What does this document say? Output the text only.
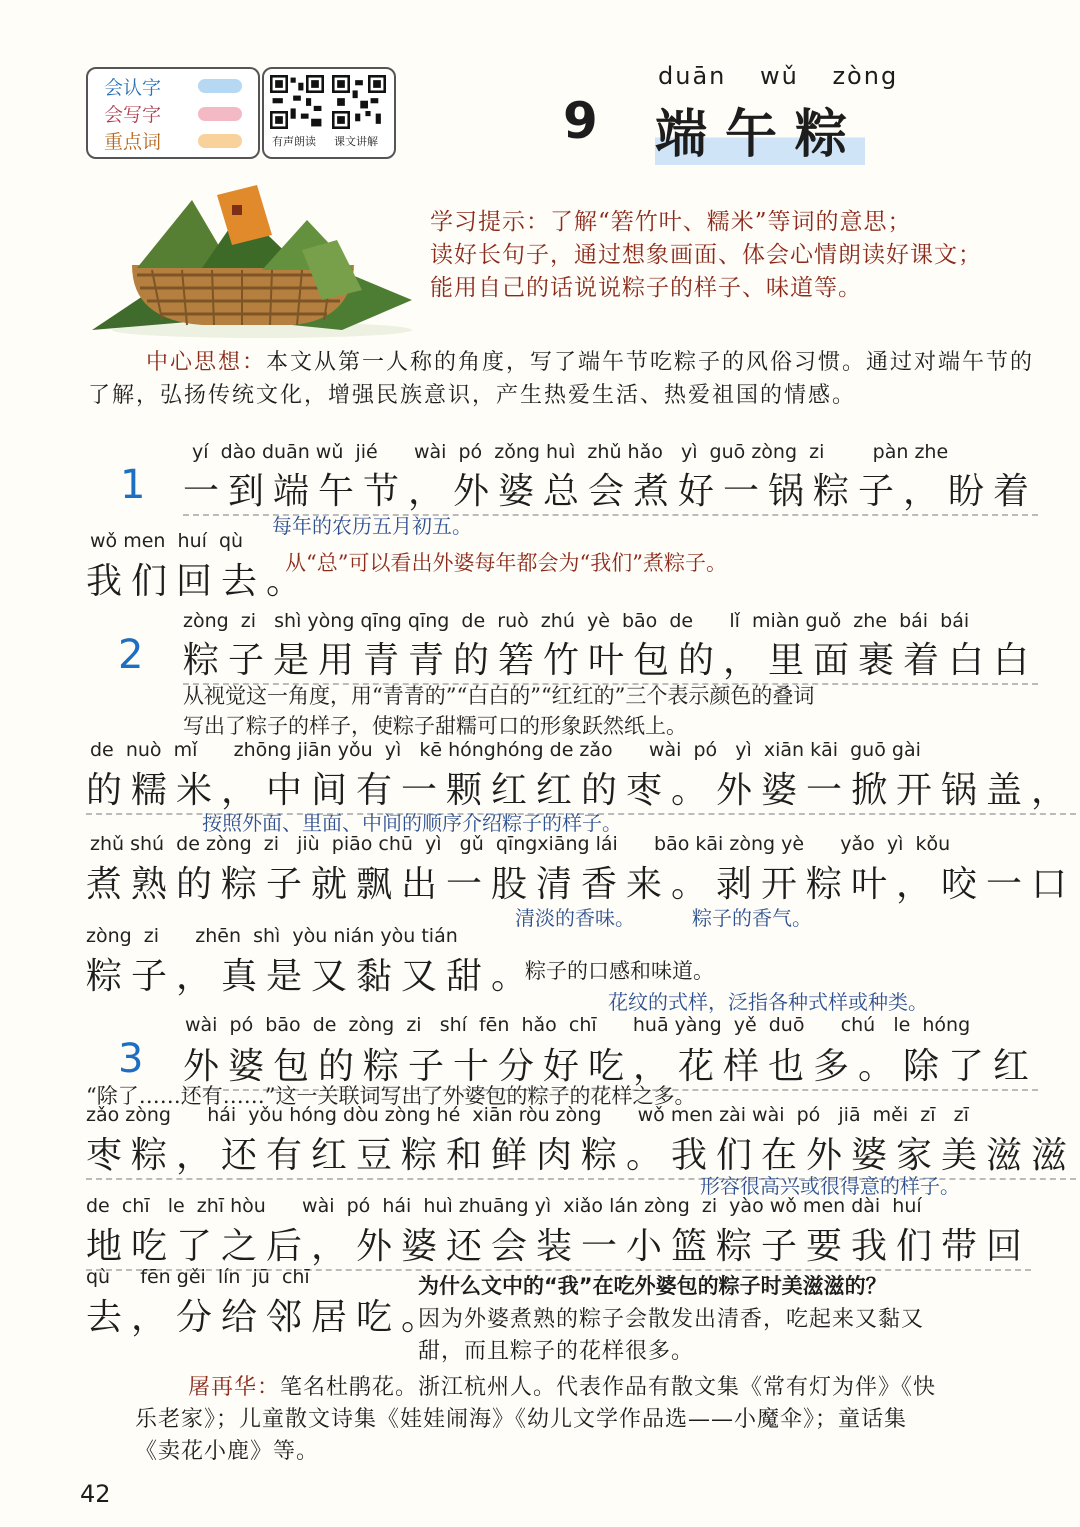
会认字
会写字
重点词	有声朗读 课文讲解	9
duān wǔ zòng
端午粽
学习提示：了解“箬竹叶、糯米”等词的意思；
读好长句子，通过想象画面、体会心情朗读好课文；
能用自己的话说说粽子的样子、味道等。
中心思想：本文从第一人称的角度，写了端午节吃粽子的风俗习惯。通过对端午节的了解，弘扬传统文化，增强民族意识，产生热爱生活、热爱祖国的情感。
1
yí  dào duān wǔ  jié      wài  pó  zǒng huì  zhǔ hǎo   yì  guō zòng  zi        pàn zhe
一到端午节，外婆总会煮好一锅粽子，盼着
每年的农历五月初五。
wǒ men  huí  qù
我们回去。
从“总”可以看出外婆每年都会为“我们”煮粽子。
2
zòng  zi   shì yòng qīng qīng  de  ruò  zhú  yè  bāo  de      lǐ  miàn guǒ  zhe  bái  bái
粽子是用青青的箬竹叶包的，里面裹着白白
从视觉这一角度，用“青青的”“白白的”“红红的”三个表示颜色的叠词
写出了粽子的样子，使粽子甜糯可口的形象跃然纸上。
de  nuò  mǐ      zhōng jiān yǒu  yì   kē hónghóng de zǎo      wài  pó   yì  xiān kāi  guō gài
的糯米，中间有一颗红红的枣。外婆一掀开锅盖，
按照外面、里面、中间的顺序介绍粽子的样子。
zhǔ shú  de zòng  zi   jiù  piāo chū  yì   gǔ  qīngxiāng lái      bāo kāi zòng yè      yǎo  yì  kǒu
煮熟的粽子就飘出一股清香来。剥开粽叶，咬一口
清淡的香味。	粽子的香气。
zòng  zi      zhēn  shì  yòu nián yòu tián
粽子，真是又黏又甜。
粽子的口感和味道。
花纹的式样，泛指各种式样或种类。
3
wài  pó  bāo  de  zòng  zi   shí  fēn  hǎo  chī      huā yàng  yě  duō      chú   le  hóng
外婆包的粽子十分好吃，花样也多。除了红
“除了……还有……”这一关联词写出了外婆包的粽子的花样之多。
zǎo zòng      hái  yǒu hóng dòu zòng hé  xiān ròu zòng      wǒ men zài wài  pó   jiā  měi  zī   zī
枣粽，还有红豆粽和鲜肉粽。我们在外婆家美滋滋
形容很高兴或很得意的样子。
de  chī   le  zhī hòu      wài  pó  hái  huì zhuāng yì  xiǎo lán zòng  zi  yào wǒ men dài  huí
地吃了之后，外婆还会装一小篮粽子要我们带回
qù     fēn gěi  lín  jū  chī
去，分给邻居吃。
为什么文中的“我”在吃外婆包的粽子时美滋滋的？
因为外婆煮熟的粽子会散发出清香，吃起来又黏又
甜，而且粽子的花样很多。
屠再华：笔名杜鹃花。浙江杭州人。代表作品有散文集《常有灯为伴》《快
乐老家》；儿童散文诗集《娃娃闹海》《幼儿文学作品选——小魔伞》；童话集
《卖花小鹿》等。
42
